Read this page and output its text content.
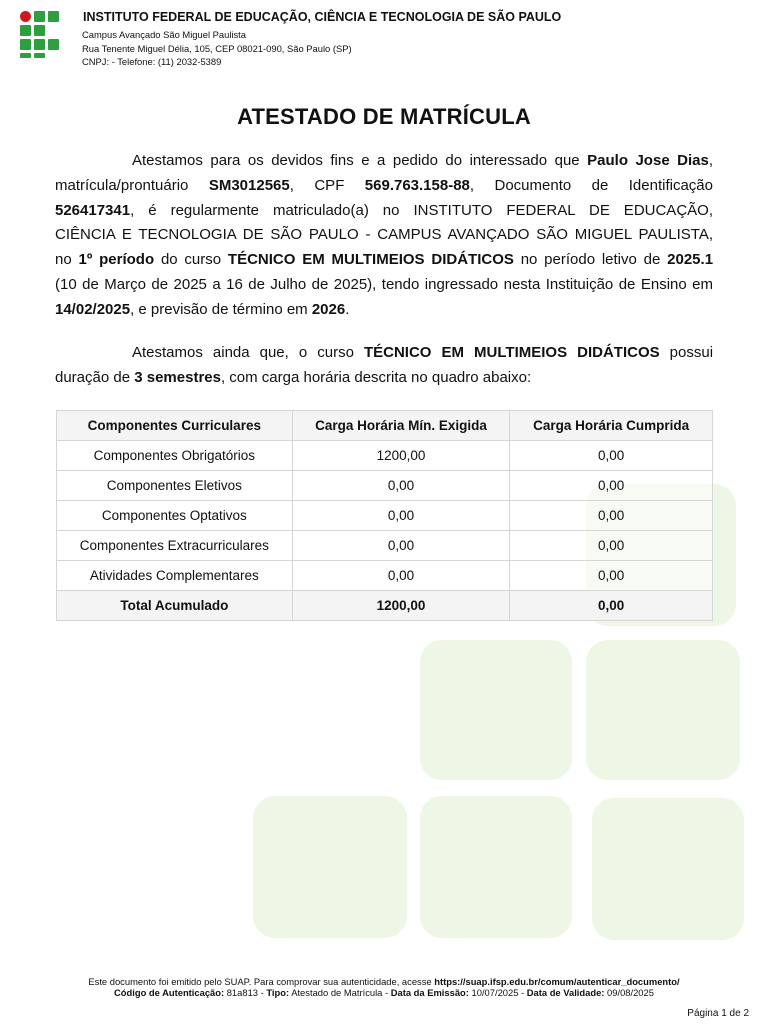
INSTITUTO FEDERAL DE EDUCAÇÃO, CIÊNCIA E TECNOLOGIA DE SÃO PAULO
Campus Avançado São Miguel Paulista
Rua Tenente Miguel Délia, 105, CEP 08021-090, São Paulo (SP)
CNPJ: - Telefone: (11) 2032-5389
ATESTADO DE MATRÍCULA
Atestamos para os devidos fins e a pedido do interessado que Paulo Jose Dias,
matrícula/prontuário SM3012565, CPF 569.763.158-88, Documento de Identificação
526417341, é regularmente matriculado(a) no INSTITUTO FEDERAL DE EDUCAÇÃO,
CIÊNCIA E TECNOLOGIA DE SÃO PAULO - CAMPUS AVANÇADO SÃO MIGUEL PAULISTA,
no 1º período do curso TÉCNICO EM MULTIMEIOS DIDÁTICOS no período letivo de 2025.1
(10 de Março de 2025 a 16 de Julho de 2025), tendo ingressado nesta Instituição de Ensino em
14/02/2025, e previsão de término em 2026.
Atestamos ainda que, o curso TÉCNICO EM MULTIMEIOS DIDÁTICOS possui
duração de 3 semestres, com carga horária descrita no quadro abaixo:
Componentes Curriculares	Carga Horária Mín. Exigida	Carga Horária Cumprida
Componentes Obrigatórios	1200,00	0,00
Componentes Eletivos	0,00	0,00
Componentes Optativos	0,00	0,00
Componentes Extracurriculares	0,00	0,00
Atividades Complementares	0,00	0,00
Total Acumulado	1200,00	0,00
Este documento foi emitido pelo SUAP. Para comprovar sua autenticidade, acesse https://suap.ifsp.edu.br/comum/autenticar_documento/
Código de Autenticação: 81a813 - Tipo: Atestado de Matrícula - Data da Emissão: 10/07/2025 - Data de Validade: 09/08/2025
Página 1 de 2
